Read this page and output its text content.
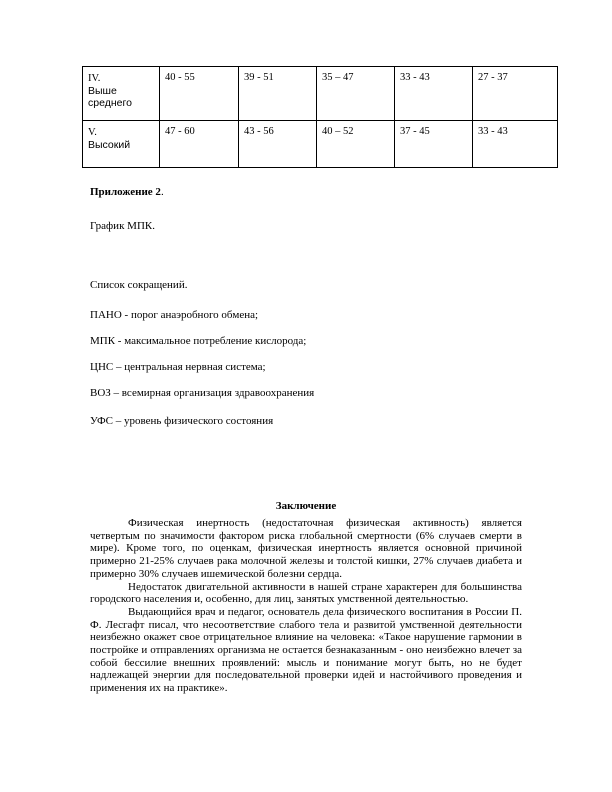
IV.
Выше
среднего	40 - 55	39 - 51	35 – 47	33 - 43	27 - 37
V.
Высокий	47 - 60	43 - 56	40 – 52	37 - 45	33 - 43
Приложение 2.
График МПК.
Список сокращений.
ПАНО - порог анаэробного обмена;
МПК - максимальное потребление кислорода;
ЦНС – центральная нервная система;
ВОЗ – всемирная организация здравоохранения
УФС – уровень физического состояния
Заключение

Физическая инертность (недостаточная физическая активность) является четвертым по значимости фактором риска глобальной смертности (6% случаев смерти в мире). Кроме того, по оценкам, физическая инертность является основной причиной примерно 21-25% случаев рака молочной железы и толстой кишки, 27% случаев диабета и примерно 30% случаев ишемической болезни сердца.

Недостаток двигательной активности в нашей стране характерен для большинства городского населения и, особенно, для лиц, занятых умственной деятельностью.

Выдающийся врач и педагог, основатель дела физического воспитания в России П. Ф. Лесгафт писал, что несоответствие слабого тела и развитой умственной деятельности неизбежно окажет свое отрицательное влияние на человека: «Такое нарушение гармонии в постройке и отправлениях организма не остается безнаказанным - оно неизбежно влечет за собой бессилие внешних проявлений: мысль и понимание могут быть, но не будет надлежащей энергии для последовательной проверки идей и настойчивого проведения и применения их на практике».
